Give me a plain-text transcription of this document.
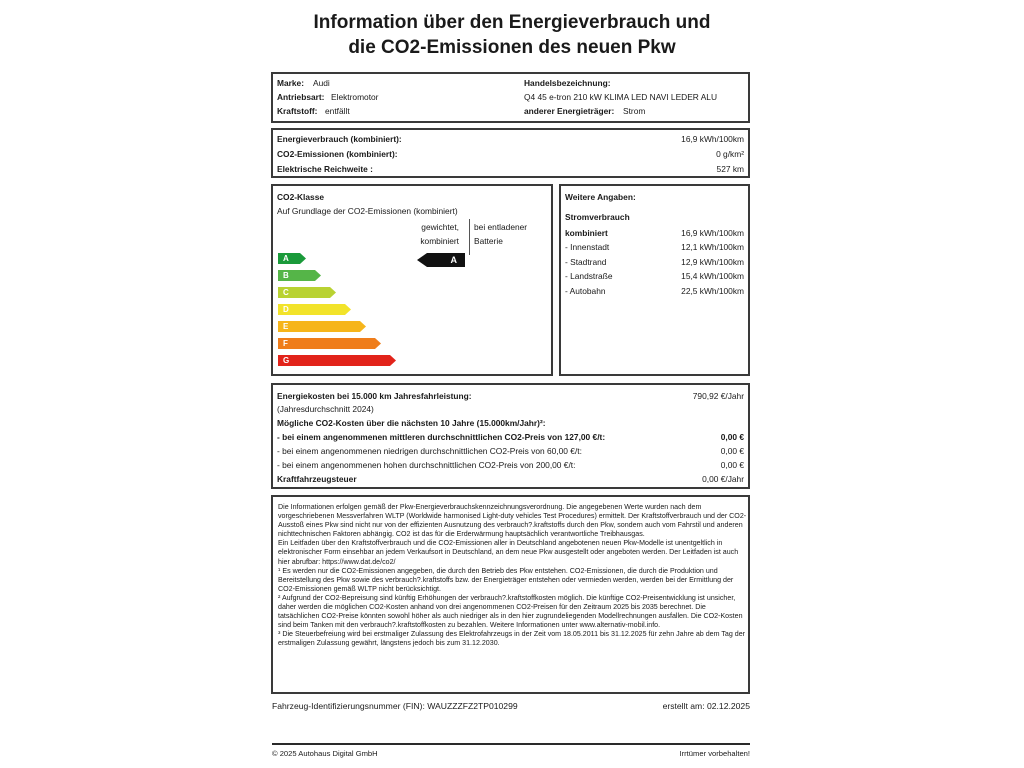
Information über den Energieverbrauch und
die CO2-Emissionen des neuen Pkw
Marke: Audi
Antriebsart: Elektromotor
Kraftstoff: entfällt
Handelsbezeichnung:
Q4 45 e-tron 210 kW KLIMA LED NAVI LEDER ALU
anderer Energieträger: Strom
Energieverbrauch (kombiniert):	16,9 kWh/100km
CO2-Emissionen (kombiniert):	0 g/km²
Elektrische Reichweite :	527 km
CO2-Klasse
Auf Grundlage der CO2-Emissionen (kombiniert)
gewichtet,
kombiniert
bei entladener
Batterie
A
B
C
D
E
F
G
A
Weitere Angaben:
Stromverbrauch
kombiniert	16,9 kWh/100km
- Innenstadt	12,1 kWh/100km
- Stadtrand	12,9 kWh/100km
- Landstraße	15,4 kWh/100km
- Autobahn	22,5 kWh/100km
Energiekosten bei 15.000 km Jahresfahrleistung:	790,92 €/Jahr
(Jahresdurchschnitt 2024)
Mögliche CO2-Kosten über die nächsten 10 Jahre (15.000km/Jahr)²:
- bei einem angenommenen mittleren durchschnittlichen CO2-Preis von 127,00 €/t:	0,00 €
- bei einem angenommenen niedrigen durchschnittlichen CO2-Preis von 60,00 €/t:	0,00 €
- bei einem angenommenen hohen durchschnittlichen CO2-Preis von 200,00 €/t:	0,00 €
Kraftfahrzeugsteuer	0,00 €/Jahr

Die Informationen erfolgen gemäß der Pkw-Energieverbrauchskennzeichnungsverordnung. Die angegebenen Werte wurden nach dem vorgeschriebenen Messverfahren WLTP (Worldwide harmonised Light-duty vehicles Test Procedures) ermittelt. Der Kraftstoffverbrauch und der CO2-Ausstoß eines Pkw sind nicht nur von der effizienten Ausnutzung des verbrauch?.kraftstoffs durch den Pkw, sondern auch vom Fahrstil und anderen nichttechnischen Faktoren abhängig. CO2 ist das für die Erderwärmung hauptsächlich verantwortliche Treibhausgas.

Ein Leitfaden über den Kraftstoffverbrauch und die CO2-Emissionen aller in Deutschland angebotenen neuen Pkw-Modelle ist unentgeltlich in elektronischer Form einsehbar an jedem Verkaufsort in Deutschland, an dem neue Pkw ausgestellt oder angeboten werden. Der Leitfaden ist auch hier abrufbar: https://www.dat.de/co2/

¹ Es werden nur die CO2-Emissionen angegeben, die durch den Betrieb des Pkw entstehen. CO2-Emissionen, die durch die Produktion und Bereitstellung des Pkw sowie des verbrauch?.kraftstoffs bzw. der Energieträger entstehen oder vermieden werden, werden bei der Ermittlung der CO2-Emissionen gemäß WLTP nicht berücksichtigt.

² Aufgrund der CO2-Bepreisung sind künftig Erhöhungen der verbrauch?.kraftstoffkosten möglich. Die künftige CO2-Preisentwicklung ist unsicher, daher werden die möglichen CO2-Kosten anhand von drei angenommenen CO2-Preisen für den Zeitraum 2025 bis 2035 berechnet. Die tatsächlichen CO2-Preise könnten sowohl höher als auch niedriger als in den hier zugrundeliegenden Modellrechnungen ausfallen. Die CO2-Kosten sind beim Tanken mit den verbrauch?.kraftstoffkosten zu bezahlen. Weitere Informationen unter www.alternativ-mobil.info.

³ Die Steuerbefreiung wird bei erstmaliger Zulassung des Elektrofahrzeugs in der Zeit vom 18.05.2011 bis 31.12.2025 für zehn Jahre ab dem Tag der erstmaligen Zulassung gewährt, längstens jedoch bis zum 31.12.2030.

Fahrzeug-Identifizierungsnummer (FIN): WAUZZZFZ2TP010299	erstellt am: 02.12.2025
© 2025 Autohaus Digital GmbH	Irrtümer vorbehalten!
